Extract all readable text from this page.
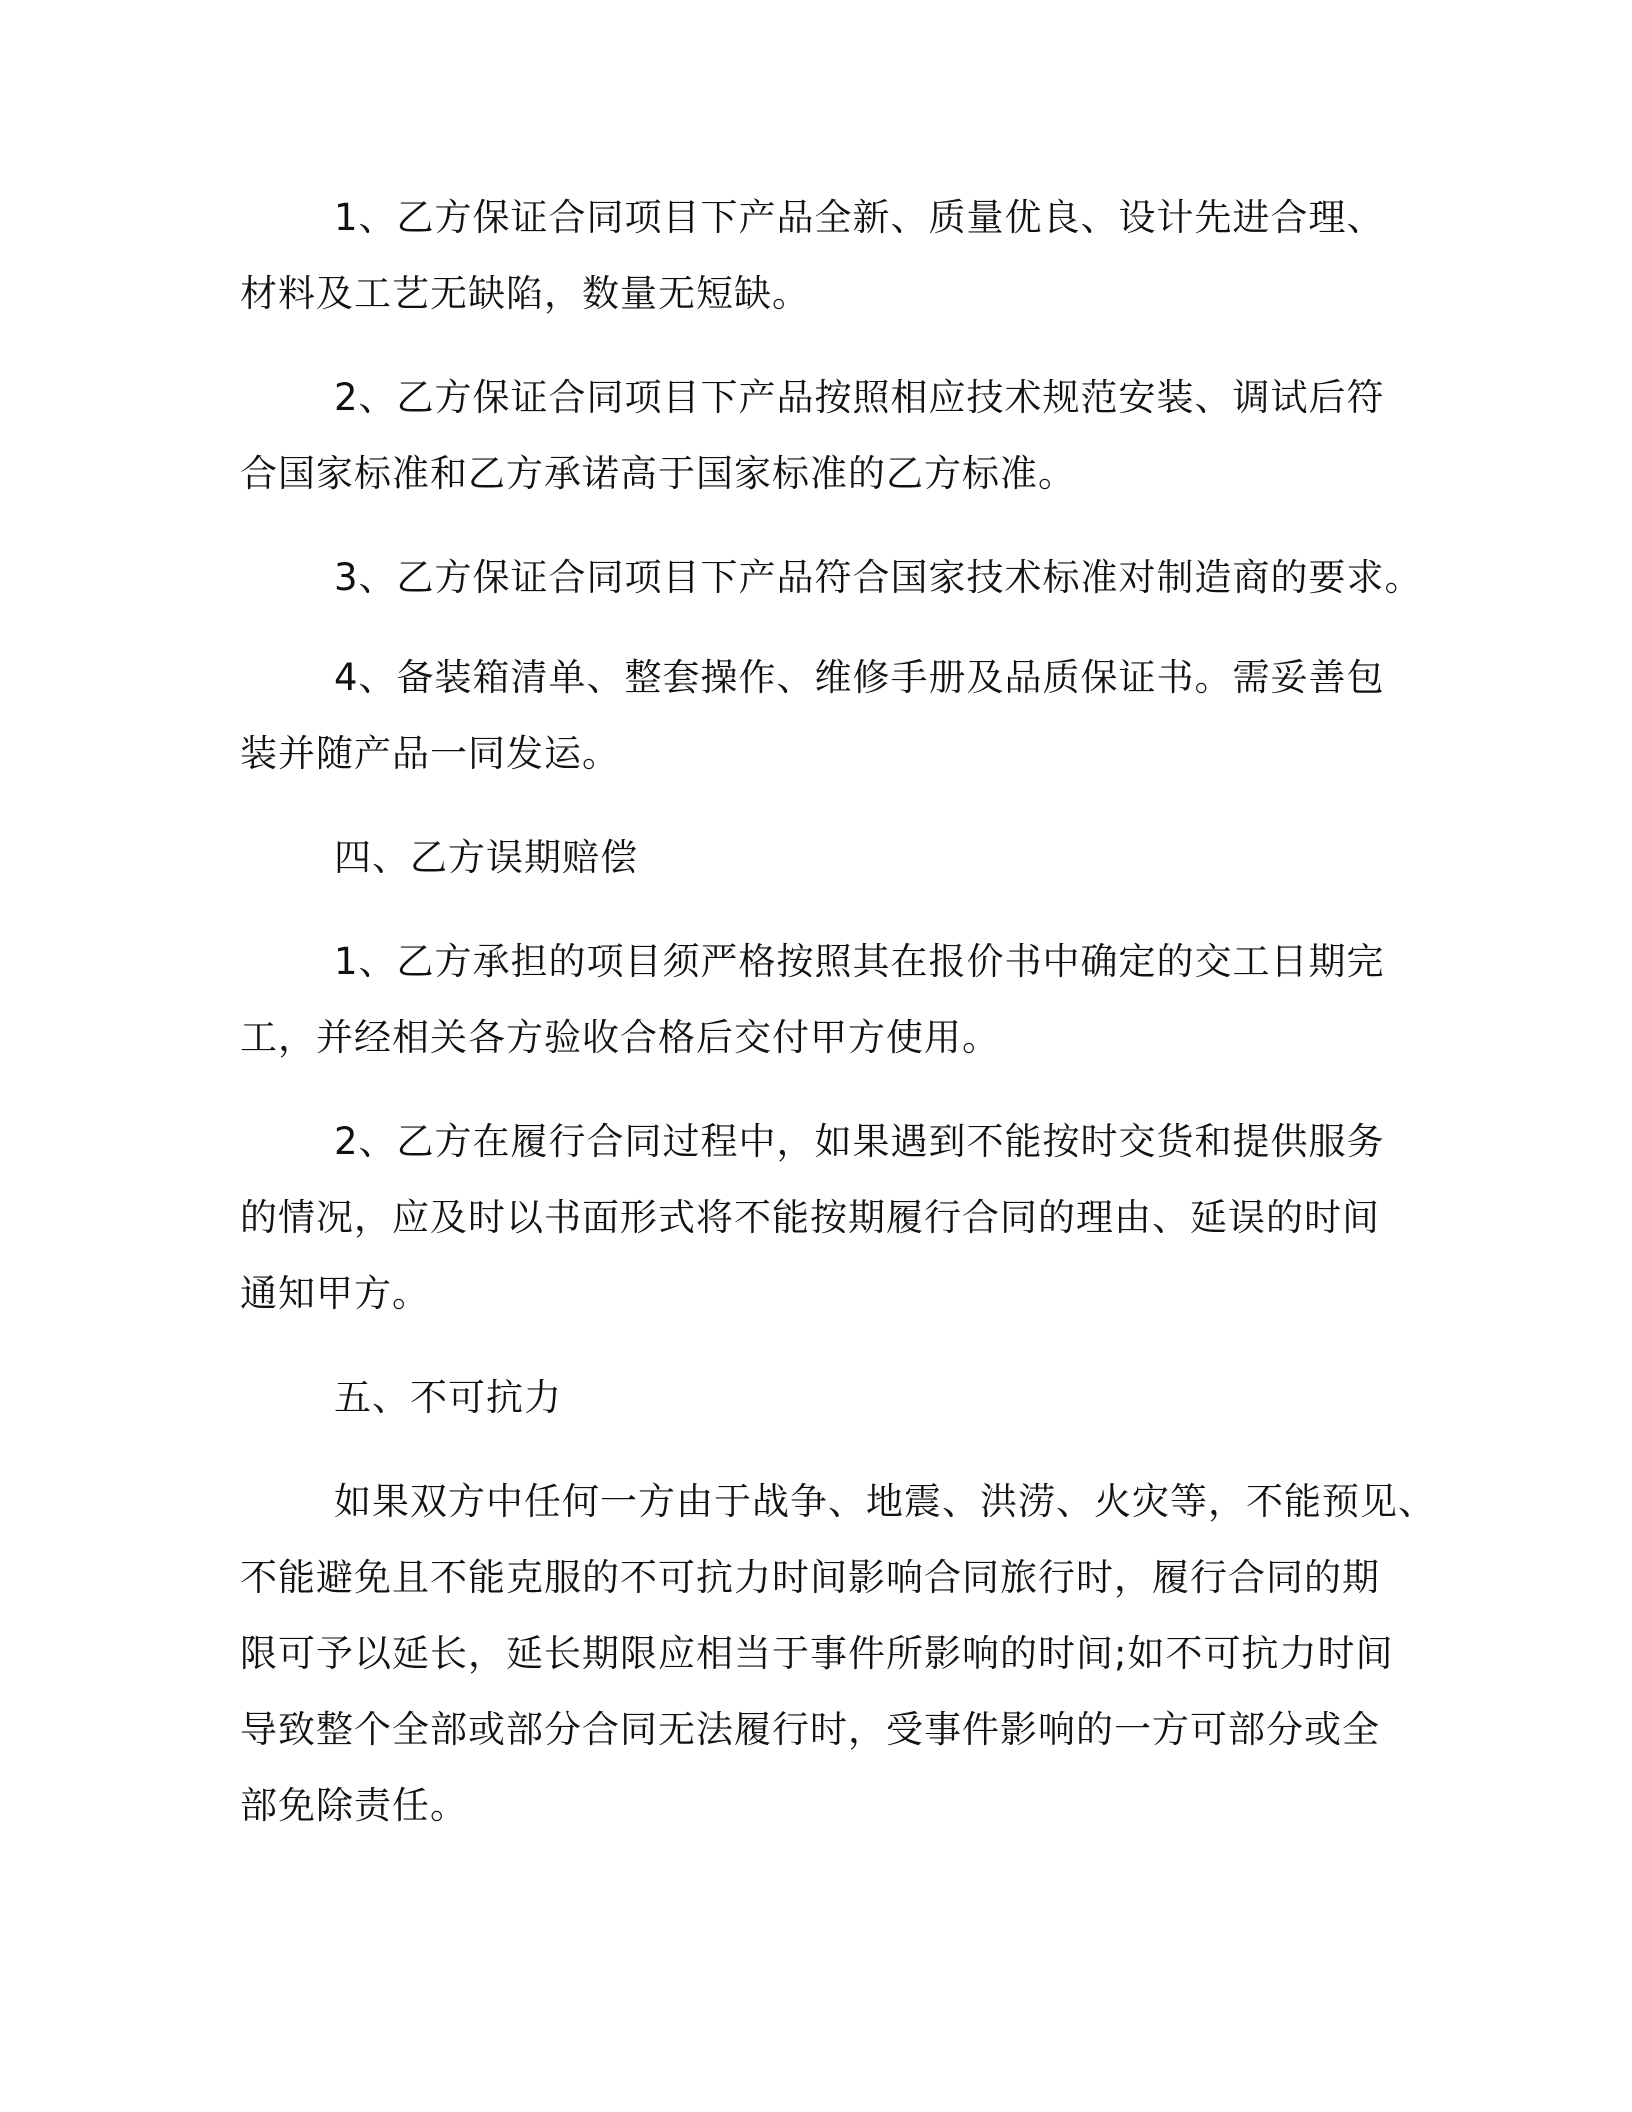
1、乙方保证合同项目下产品全新、质量优良、设计先进合理、
材料及工艺无缺陷，数量无短缺。
2、乙方保证合同项目下产品按照相应技术规范安装、调试后符
合国家标准和乙方承诺高于国家标准的乙方标准。
3、乙方保证合同项目下产品符合国家技术标准对制造商的要求。
4、备装箱清单、整套操作、维修手册及品质保证书。需妥善包
装并随产品一同发运。
四、乙方误期赔偿
1、乙方承担的项目须严格按照其在报价书中确定的交工日期完
工，并经相关各方验收合格后交付甲方使用。
2、乙方在履行合同过程中，如果遇到不能按时交货和提供服务
的情况，应及时以书面形式将不能按期履行合同的理由、延误的时间
通知甲方。
五、不可抗力
如果双方中任何一方由于战争、地震、洪涝、火灾等，不能预见、
不能避免且不能克服的不可抗力时间影响合同旅行时，履行合同的期
限可予以延长，延长期限应相当于事件所影响的时间;如不可抗力时间
导致整个全部或部分合同无法履行时，受事件影响的一方可部分或全
部免除责任。
